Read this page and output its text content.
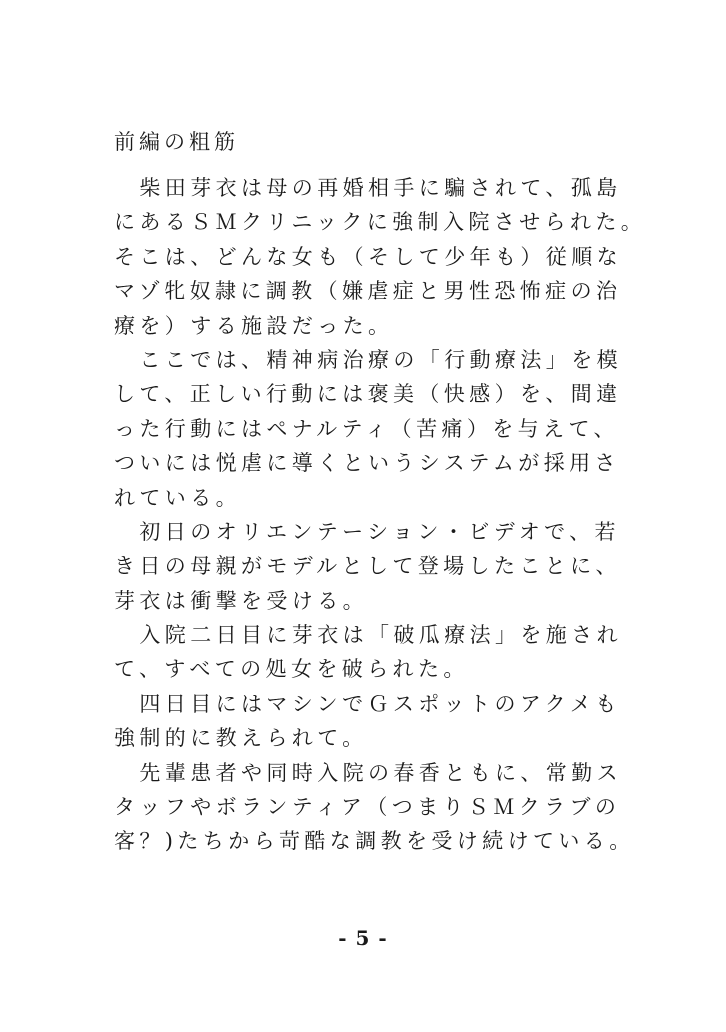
前編の粗筋
　柴田芽衣は母の再婚相手に騙されて、孤島
にあるＳＭクリニックに強制入院させられた。
そこは、どんな女も（そして少年も）従順な
マゾ牝奴隷に調教（嫌虐症と男性恐怖症の治
療を）する施設だった。
　ここでは、精神病治療の「行動療法」を模
して、正しい行動には褒美（快感）を、間違
った行動にはペナルティ（苦痛）を与えて、
ついには悦虐に導くというシステムが採用さ
れている。
　初日のオリエンテーション・ビデオで、若
き日の母親がモデルとして登場したことに、
芽衣は衝撃を受ける。
　入院二日目に芽衣は「破瓜療法」を施され
て、すべての処女を破られた。
　四日目にはマシンでＧスポットのアクメも
強制的に教えられて。
　先輩患者や同時入院の春香ともに、常勤ス
タッフやボランティア（つまりＳＭクラブの
客？)たちから苛酷な調教を受け続けている。
- 5 -
